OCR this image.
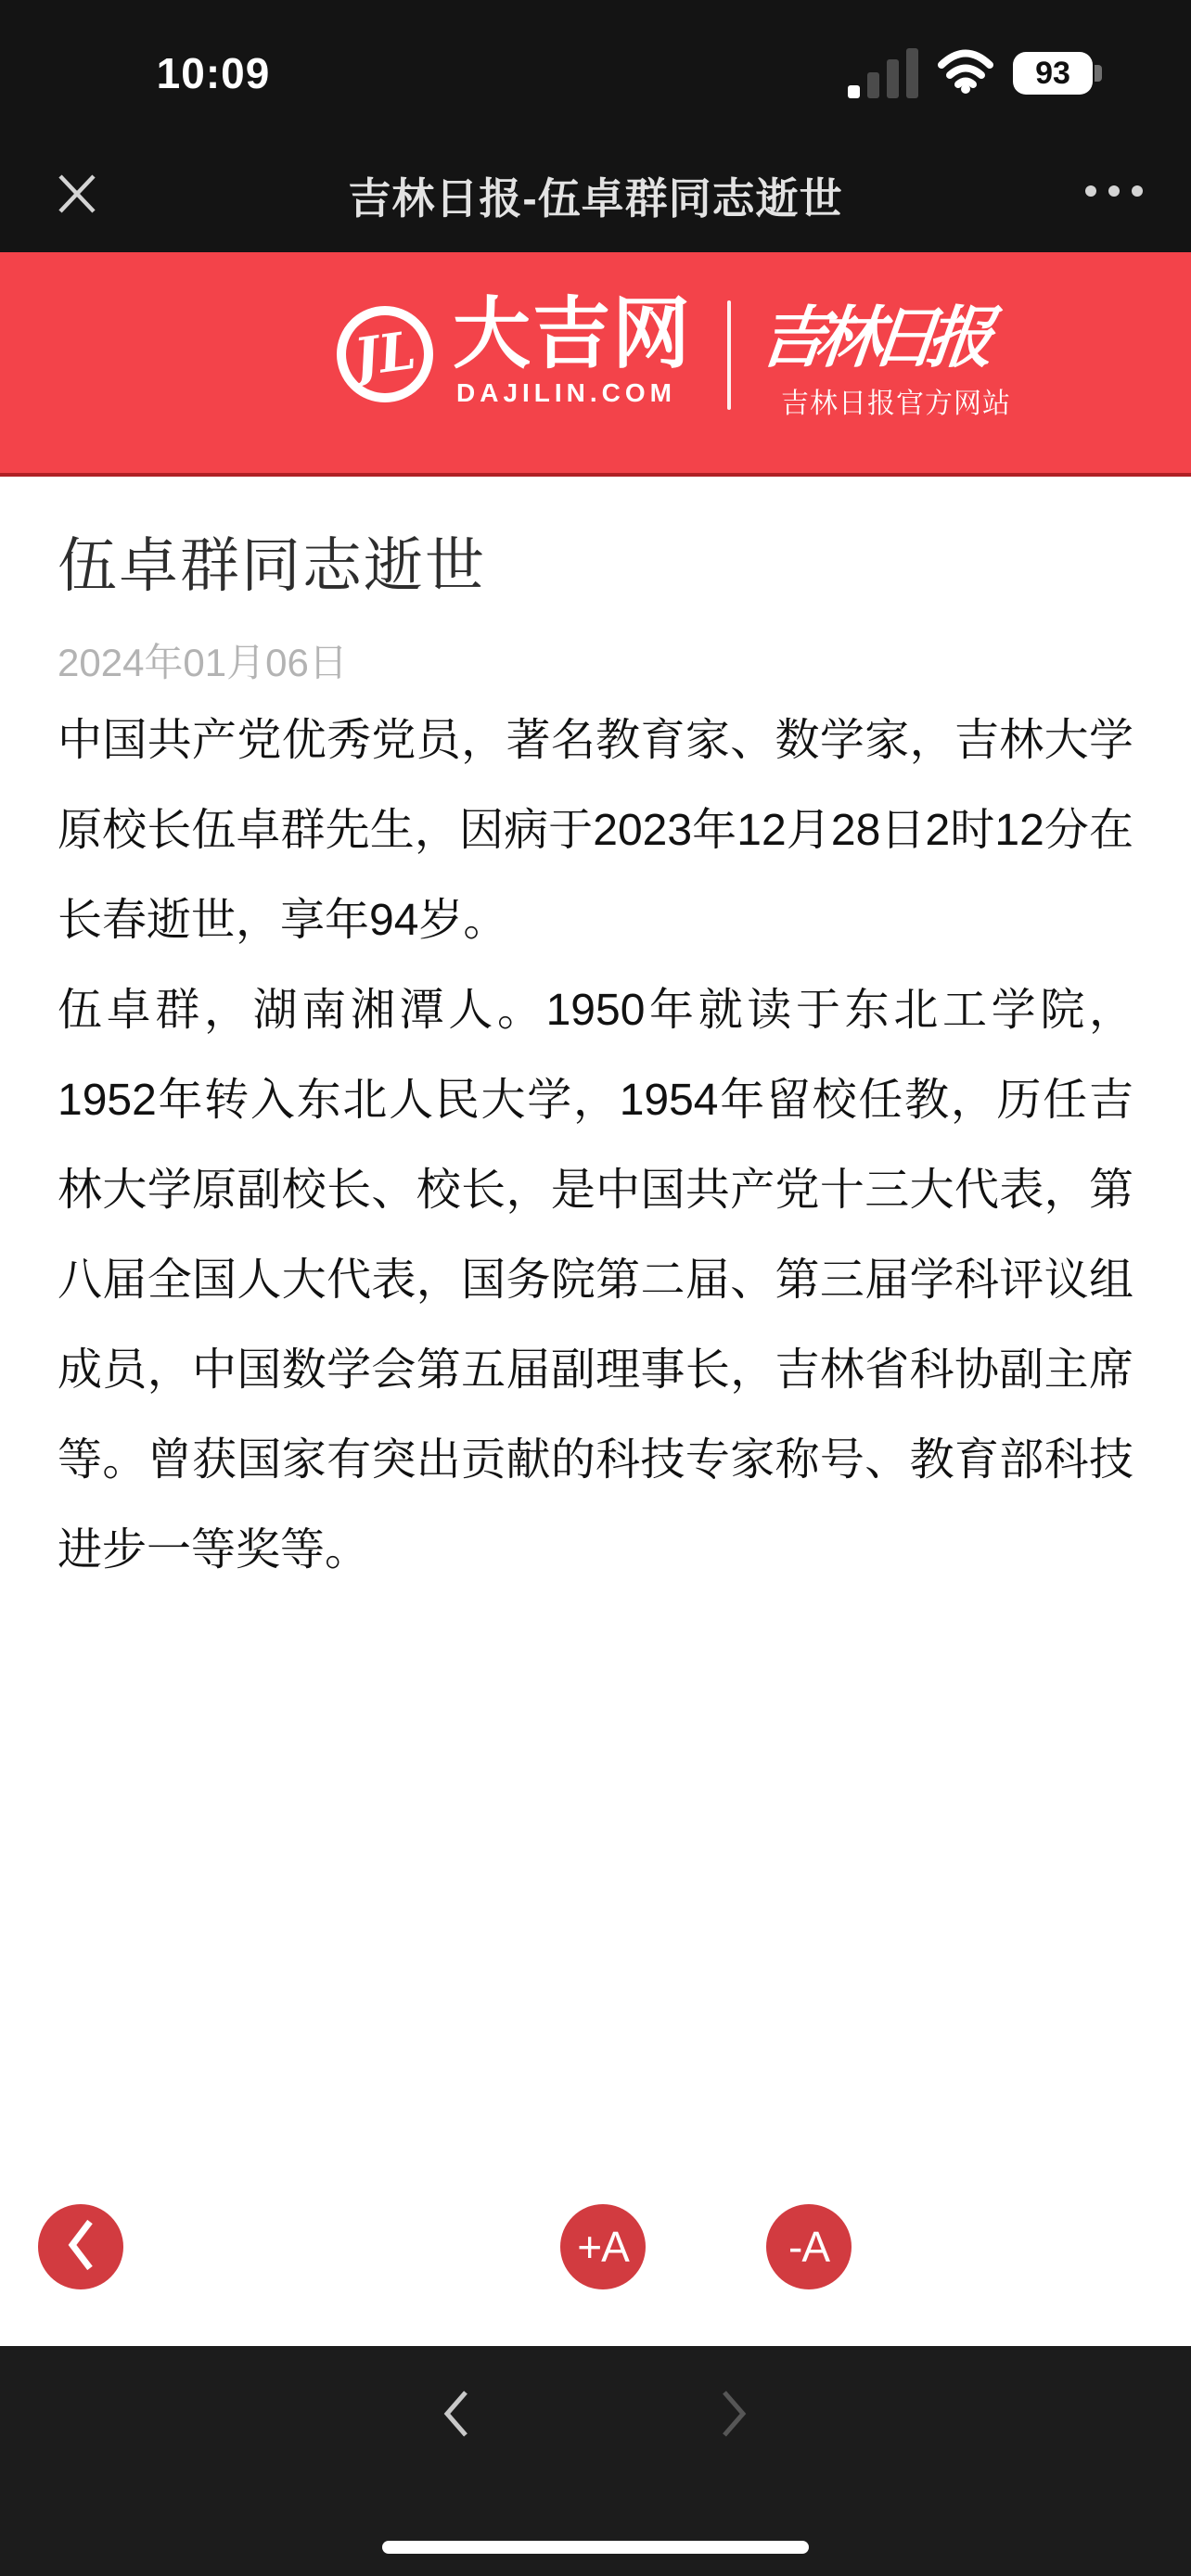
10:09	93
吉林日报-伍卓群同志逝世
JL 大吉网
DAJILIN.COM
吉林日报
吉林日报官方网站
伍卓群同志逝世
2024年01月06日

中国共产党优秀党员，著名教育家、数学家，吉林大学原校长伍卓群先生，因病于2023年12月28日2时12分在长春逝世，享年94岁。

伍卓群，湖南湘潭人。1950年就读于东北工学院，1952年转入东北人民大学，1954年留校任教，历任吉林大学原副校长、校长，是中国共产党十三大代表，第八届全国人大代表，国务院第二届、第三届学科评议组成员，中国数学会第五届副理事长，吉林省科协副主席等。曾获国家有突出贡献的科技专家称号、教育部科技进步一等奖等。

+A	-A
